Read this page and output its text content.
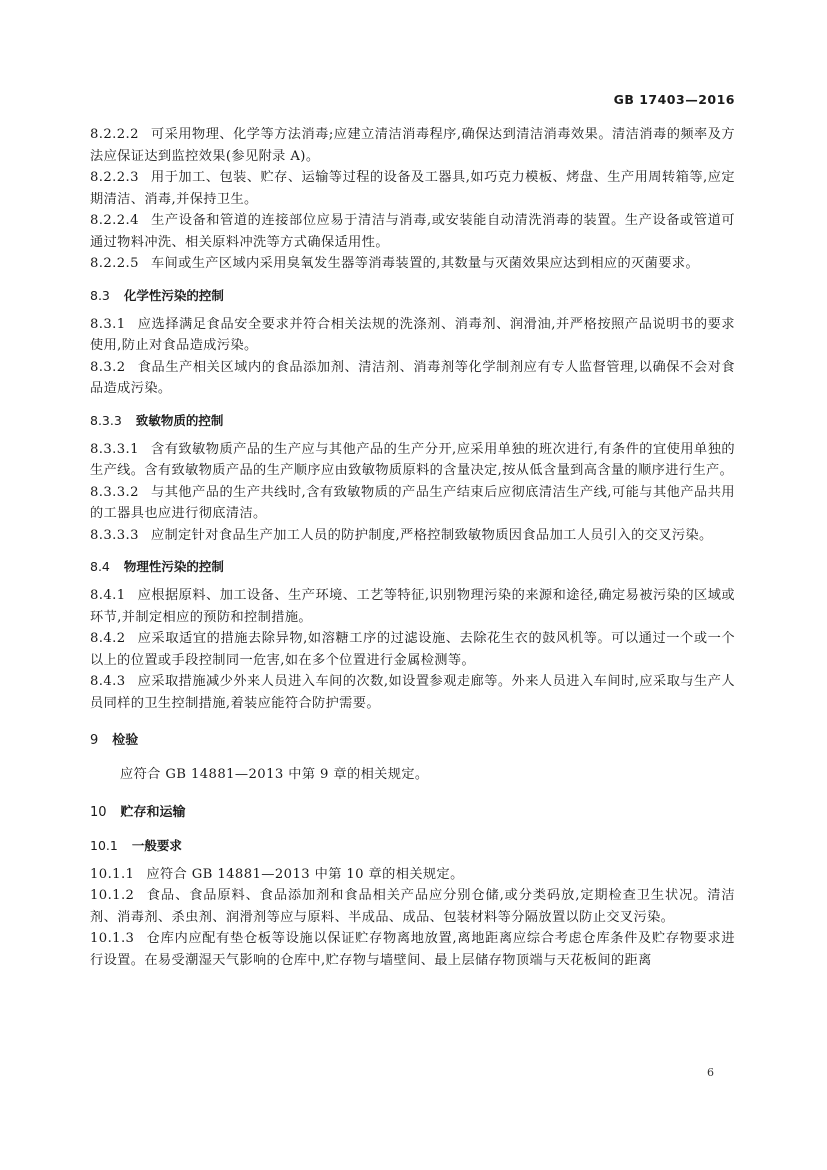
GB 17403—2016
8.2.2.2 可采用物理、化学等方法消毒;应建立清洁消毒程序,确保达到清洁消毒效果。清洁消毒的频率及方法应保证达到监控效果(参见附录 A)。
8.2.2.3 用于加工、包装、贮存、运输等过程的设备及工器具,如巧克力模板、烤盘、生产用周转箱等,应定期清洁、消毒,并保持卫生。
8.2.2.4 生产设备和管道的连接部位应易于清洁与消毒,或安装能自动清洗消毒的装置。生产设备或管道可通过物料冲洗、相关原料冲洗等方式确保适用性。
8.2.2.5 车间或生产区域内采用臭氧发生器等消毒装置的,其数量与灭菌效果应达到相应的灭菌要求。
8.3 化学性污染的控制
8.3.1 应选择满足食品安全要求并符合相关法规的洗涤剂、消毒剂、润滑油,并严格按照产品说明书的要求使用,防止对食品造成污染。
8.3.2 食品生产相关区域内的食品添加剂、清洁剂、消毒剂等化学制剂应有专人监督管理,以确保不会对食品造成污染。
8.3.3 致敏物质的控制
8.3.3.1 含有致敏物质产品的生产应与其他产品的生产分开,应采用单独的班次进行,有条件的宜使用单独的生产线。含有致敏物质产品的生产顺序应由致敏物质原料的含量决定,按从低含量到高含量的顺序进行生产。
8.3.3.2 与其他产品的生产共线时,含有致敏物质的产品生产结束后应彻底清洁生产线,可能与其他产品共用的工器具也应进行彻底清洁。
8.3.3.3 应制定针对食品生产加工人员的防护制度,严格控制致敏物质因食品加工人员引入的交叉污染。
8.4 物理性污染的控制
8.4.1 应根据原料、加工设备、生产环境、工艺等特征,识别物理污染的来源和途径,确定易被污染的区域或环节,并制定相应的预防和控制措施。
8.4.2 应采取适宜的措施去除异物,如溶糖工序的过滤设施、去除花生衣的鼓风机等。可以通过一个或一个以上的位置或手段控制同一危害,如在多个位置进行金属检测等。
8.4.3 应采取措施减少外来人员进入车间的次数,如设置参观走廊等。外来人员进入车间时,应采取与生产人员同样的卫生控制措施,着装应能符合防护需要。
9 检验
应符合 GB 14881—2013 中第 9 章的相关规定。
10 贮存和运输
10.1 一般要求
10.1.1 应符合 GB 14881—2013 中第 10 章的相关规定。
10.1.2 食品、食品原料、食品添加剂和食品相关产品应分别仓储,或分类码放,定期检查卫生状况。清洁剂、消毒剂、杀虫剂、润滑剂等应与原料、半成品、成品、包装材料等分隔放置以防止交叉污染。
10.1.3 仓库内应配有垫仓板等设施以保证贮存物离地放置,离地距离应综合考虑仓库条件及贮存物要求进行设置。在易受潮湿天气影响的仓库中,贮存物与墙壁间、最上层储存物顶端与天花板间的距离
6
